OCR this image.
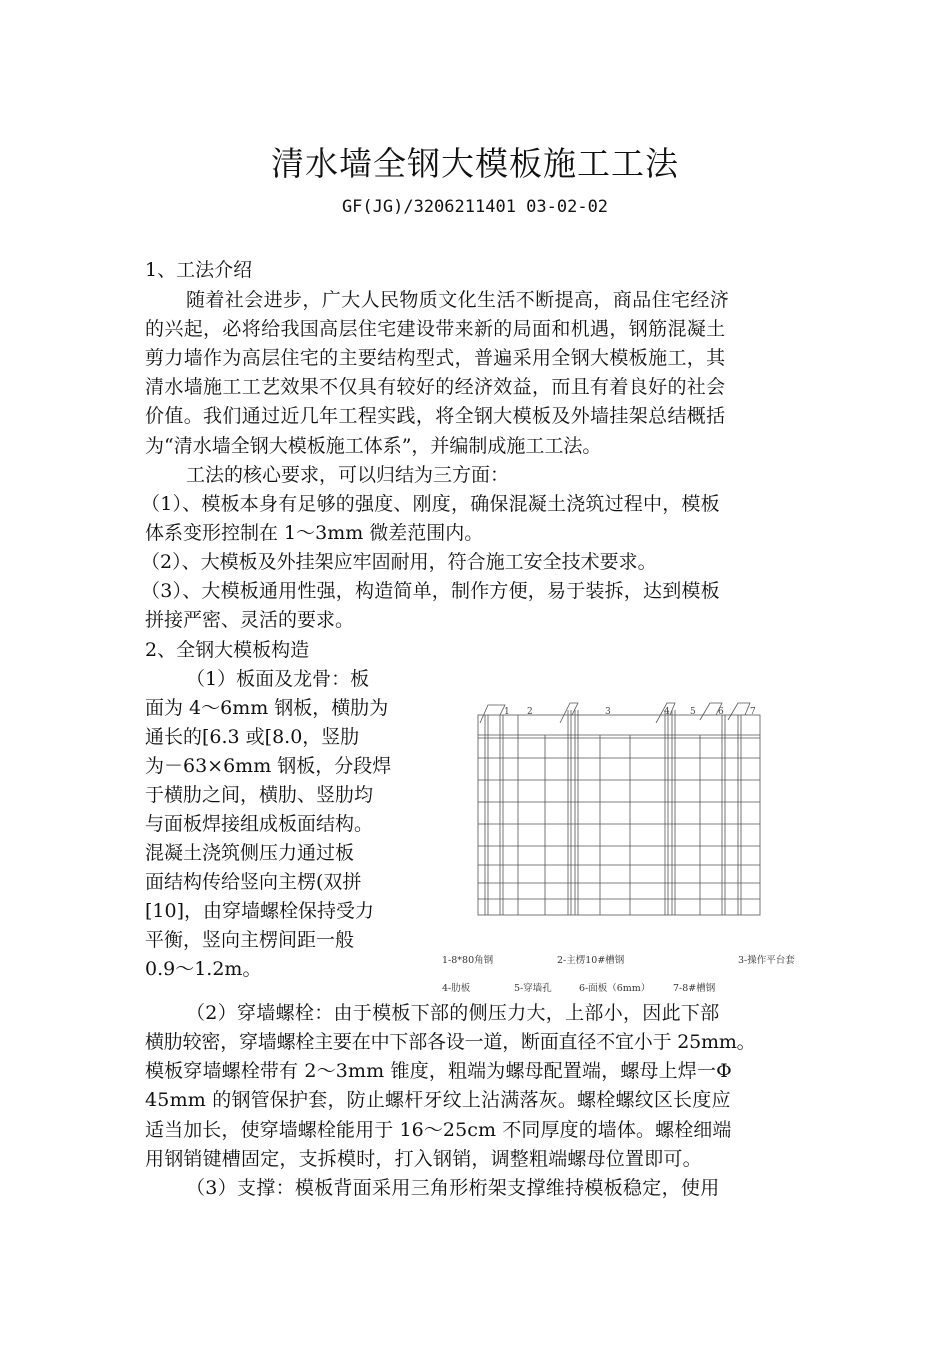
清水墙全钢大模板施工工法
GF(JG)/3206211401 03-02-02
1、工法介绍
随着社会进步，广大人民物质文化生活不断提高，商品住宅经济
的兴起，必将给我国高层住宅建设带来新的局面和机遇，钢筋混凝土
剪力墙作为高层住宅的主要结构型式，普遍采用全钢大模板施工，其
清水墙施工工艺效果不仅具有较好的经济效益，而且有着良好的社会
价值。我们通过近几年工程实践，将全钢大模板及外墙挂架总结概括
为“清水墙全钢大模板施工体系”，并编制成施工工法。
工法的核心要求，可以归结为三方面：
（1）、模板本身有足够的强度、刚度，确保混凝土浇筑过程中，模板
体系变形控制在 1～3mm 微差范围内。
（2）、大模板及外挂架应牢固耐用，符合施工安全技术要求。
（3）、大模板通用性强，构造简单，制作方便，易于装拆，达到模板
拼接严密、灵活的要求。
2、全钢大模板构造
（1）板面及龙骨：板
面为 4～6mm 钢板，横肋为
通长的[6.3 或[8.0，竖肋
为－63×6mm 钢板，分段焊
于横肋之间，横肋、竖肋均
与面板焊接组成板面结构。
混凝土浇筑侧压力通过板
面结构传给竖向主楞(双拼
[10]，由穿墙螺栓保持受力
平衡，竖向主楞间距一般
0.9～1.2m。
（2）穿墙螺栓：由于模板下部的侧压力大，上部小，因此下部
横肋较密，穿墙螺栓主要在中下部各设一道，断面直径不宜小于 25mm。
模板穿墙螺栓带有 2～3mm 锥度，粗端为螺母配置端，螺母上焊一Φ
45mm 的钢管保护套，防止螺杆牙纹上沾满落灰。螺栓螺纹区长度应
适当加长，使穿墙螺栓能用于 16～25cm 不同厚度的墙体。螺栓细端
用钢销键槽固定，支拆模时，打入钢销，调整粗端螺母位置即可。
（3）支撑：模板背面采用三角形桁架支撑维持模板稳定，使用
1 2	3	4 5 6	7
1-8*80角钢	2-主楞10#槽钢	3-操作平台套
4-肋板	5-穿墙孔	6-面板（6mm） 7-8#槽钢
